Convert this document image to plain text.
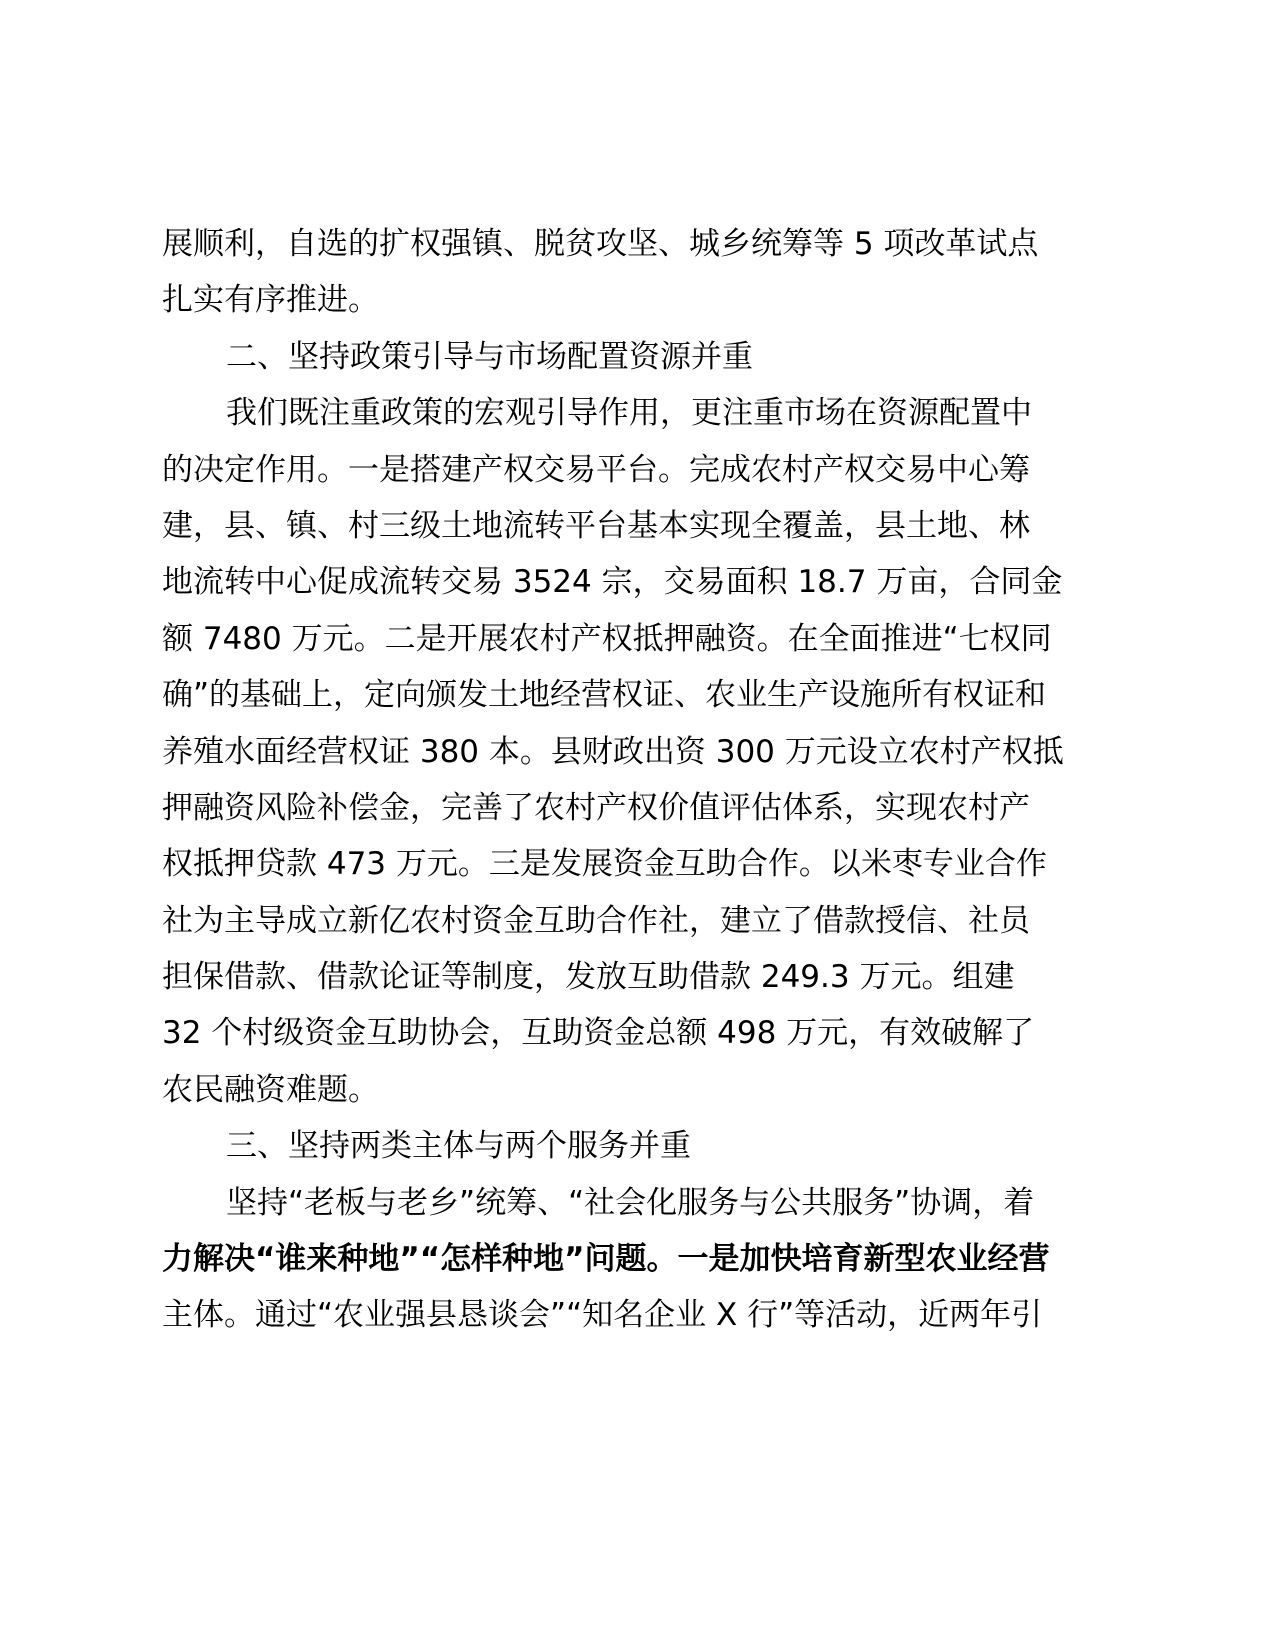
展顺利，自选的扩权强镇、脱贫攻坚、城乡统筹等 5 项改革试点
扎实有序推进。
二、坚持政策引导与市场配置资源并重
我们既注重政策的宏观引导作用，更注重市场在资源配置中
的决定作用。一是搭建产权交易平台。完成农村产权交易中心筹
建，县、镇、村三级土地流转平台基本实现全覆盖，县土地、林
地流转中心促成流转交易 3524 宗，交易面积 18.7 万亩，合同金
额 7480 万元。二是开展农村产权抵押融资。在全面推进“七权同
确”的基础上，定向颁发土地经营权证、农业生产设施所有权证和
养殖水面经营权证 380 本。县财政出资 300 万元设立农村产权抵
押融资风险补偿金，完善了农村产权价值评估体系，实现农村产
权抵押贷款 473 万元。三是发展资金互助合作。以米枣专业合作
社为主导成立新亿农村资金互助合作社，建立了借款授信、社员
担保借款、借款论证等制度，发放互助借款 249.3 万元。组建
32 个村级资金互助协会，互助资金总额 498 万元，有效破解了
农民融资难题。
三、坚持两类主体与两个服务并重
坚持“老板与老乡”统筹、“社会化服务与公共服务”协调，着
力解决“谁来种地”“怎样种地”问题。一是加快培育新型农业经营
主体。通过“农业强县恳谈会”“知名企业 X 行”等活动，近两年引
